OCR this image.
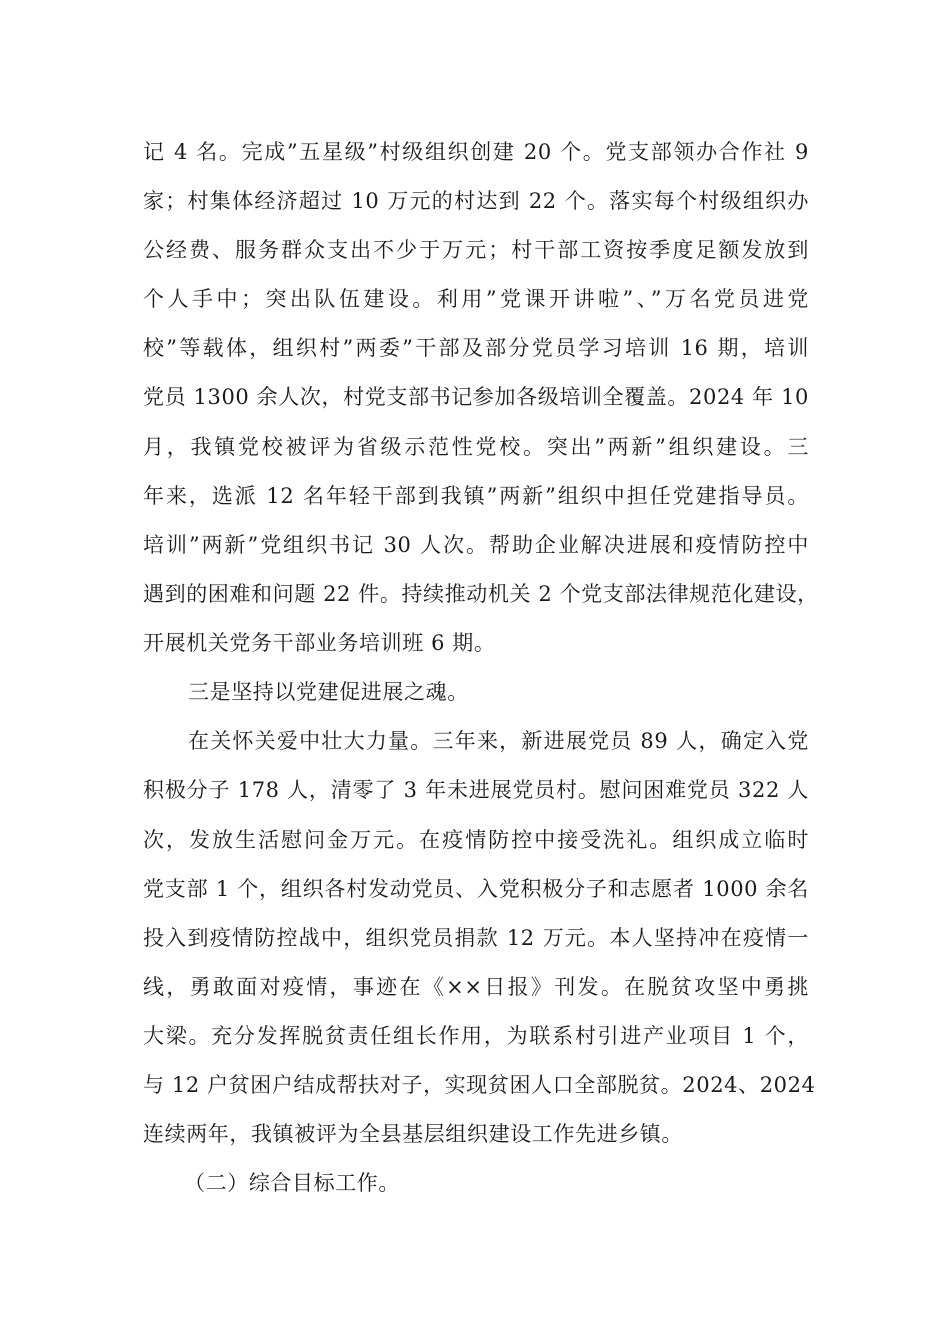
记 4 名。完成”五星级”村级组织创建 20 个。党支部领办合作社 9
家；村集体经济超过 10 万元的村达到 22 个。落实每个村级组织办
公经费、服务群众支出不少于万元；村干部工资按季度足额发放到
个人手中；突出队伍建设。利用”党课开讲啦”、”万名党员进党
校”等载体，组织村”两委”干部及部分党员学习培训 16 期，培训
党员 1300 余人次，村党支部书记参加各级培训全覆盖。2024 年 10
月，我镇党校被评为省级示范性党校。突出”两新”组织建设。三
年来，选派 12 名年轻干部到我镇”两新”组织中担任党建指导员。
培训”两新”党组织书记 30 人次。帮助企业解决进展和疫情防控中
遇到的困难和问题 22 件。持续推动机关 2 个党支部法律规范化建设，
开展机关党务干部业务培训班 6 期。
三是坚持以党建促进展之魂。
在关怀关爱中壮大力量。三年来，新进展党员 89 人，确定入党
积极分子 178 人，清零了 3 年未进展党员村。慰问困难党员 322 人
次，发放生活慰问金万元。在疫情防控中接受洗礼。组织成立临时
党支部 1 个，组织各村发动党员、入党积极分子和志愿者 1000 余名
投入到疫情防控战中，组织党员捐款 12 万元。本人坚持冲在疫情一
线，勇敢面对疫情，事迹在《××日报》刊发。在脱贫攻坚中勇挑
大梁。充分发挥脱贫责任组长作用，为联系村引进产业项目 1 个，
与 12 户贫困户结成帮扶对子，实现贫困人口全部脱贫。2024、2024
连续两年，我镇被评为全县基层组织建设工作先进乡镇。
（二）综合目标工作。
